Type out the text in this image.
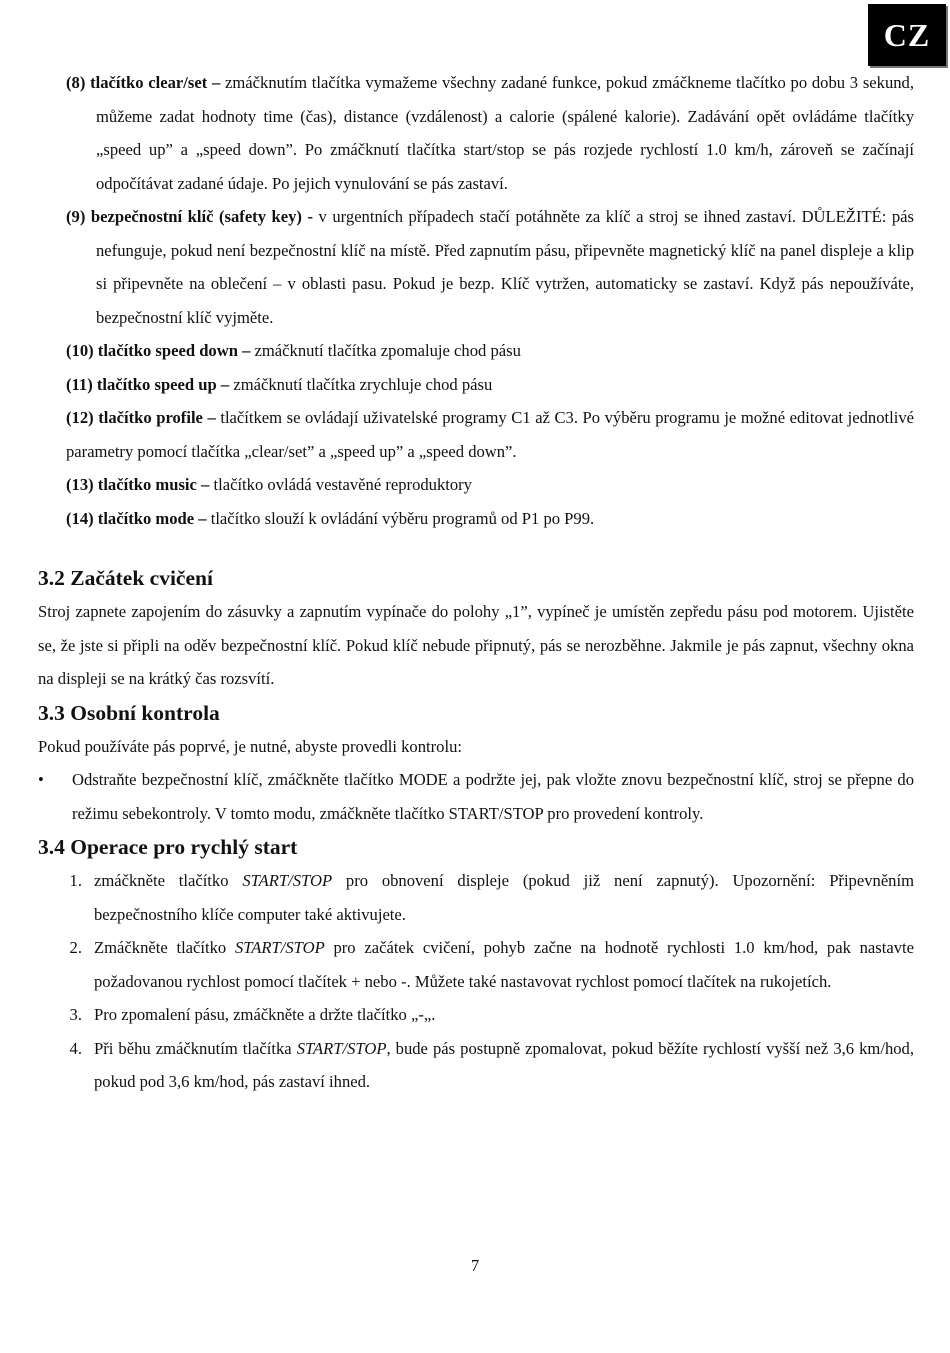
CZ
(8) tlačítko clear/set – zmáčknutím tlačítka vymažeme všechny zadané funkce, pokud zmáčkneme tlačítko po dobu 3 sekund, můžeme zadat hodnoty time (čas), distance (vzdálenost) a calorie (spálené kalorie). Zadávání opět ovládáme tlačítky „speed up” a „speed down”. Po zmáčknutí tlačítka start/stop se pás rozjede rychlostí 1.0 km/h, zároveň se začínají odpočítávat zadané údaje. Po jejich vynulování se pás zastaví.
(9) bezpečnostní klíč (safety key) - v urgentních případech stačí potáhněte za klíč a stroj se ihned zastaví. DŮLEŽITÉ: pás nefunguje, pokud není bezpečnostní klíč na místě. Před zapnutím pásu, připevněte magnetický klíč na panel displeje a klip si připevněte na oblečení – v oblasti pasu. Pokud je bezp. Klíč vytržen, automaticky se zastaví. Když pás nepoužíváte, bezpečnostní klíč vyjměte.
(10) tlačítko speed down – zmáčknutí tlačítka zpomaluje chod pásu
(11) tlačítko speed up – zmáčknutí tlačítka zrychluje chod pásu
(12) tlačítko profile – tlačítkem se ovládají uživatelské programy C1 až C3. Po výběru programu je možné editovat jednotlivé parametry pomocí tlačítka „clear/set” a „speed up” a „speed down”.
(13) tlačítko music – tlačítko ovládá vestavěné reproduktory
(14) tlačítko mode – tlačítko slouží k ovládání výběru programů od P1 po P99.
3.2 Začátek cvičení

Stroj zapnete zapojením do zásuvky a zapnutím vypínače do polohy „1”, vypíneč je umístěn zepředu pásu pod motorem. Ujistěte se, že jste si připli na oděv bezpečnostní klíč. Pokud klíč nebude připnutý, pás se nerozběhne. Jakmile je pás zapnut, všechny okna na displeji se na krátký čas rozsvítí.

3.3 Osobní kontrola

Pokud používáte pás poprvé, je nutné, abyste provedli kontrolu:

•	Odstraňte bezpečnostní klíč, zmáčkněte tlačítko MODE a podržte jej, pak vložte znovu bezpečnostní klíč, stroj se přepne do režimu sebekontroly. V tomto modu, zmáčkněte tlačítko START/STOP pro provedení kontroly.
3.4 Operace pro rychlý start
1. zmáčkněte tlačítko START/STOP pro obnovení displeje (pokud již není zapnutý). Upozornění: Připevněním bezpečnostního klíče computer také aktivujete.
2. Zmáčkněte tlačítko START/STOP pro začátek cvičení, pohyb začne na hodnotě rychlosti 1.0 km/hod, pak nastavte požadovanou rychlost pomocí tlačítek + nebo -. Můžete také nastavovat rychlost pomocí tlačítek na rukojetích.
3. Pro zpomalení pásu, zmáčkněte a držte tlačítko „-„.
4. Při běhu zmáčknutím tlačítka START/STOP, bude pás postupně zpomalovat, pokud běžíte rychlostí vyšší než 3,6 km/hod, pokud pod 3,6 km/hod, pás zastaví ihned.
7
